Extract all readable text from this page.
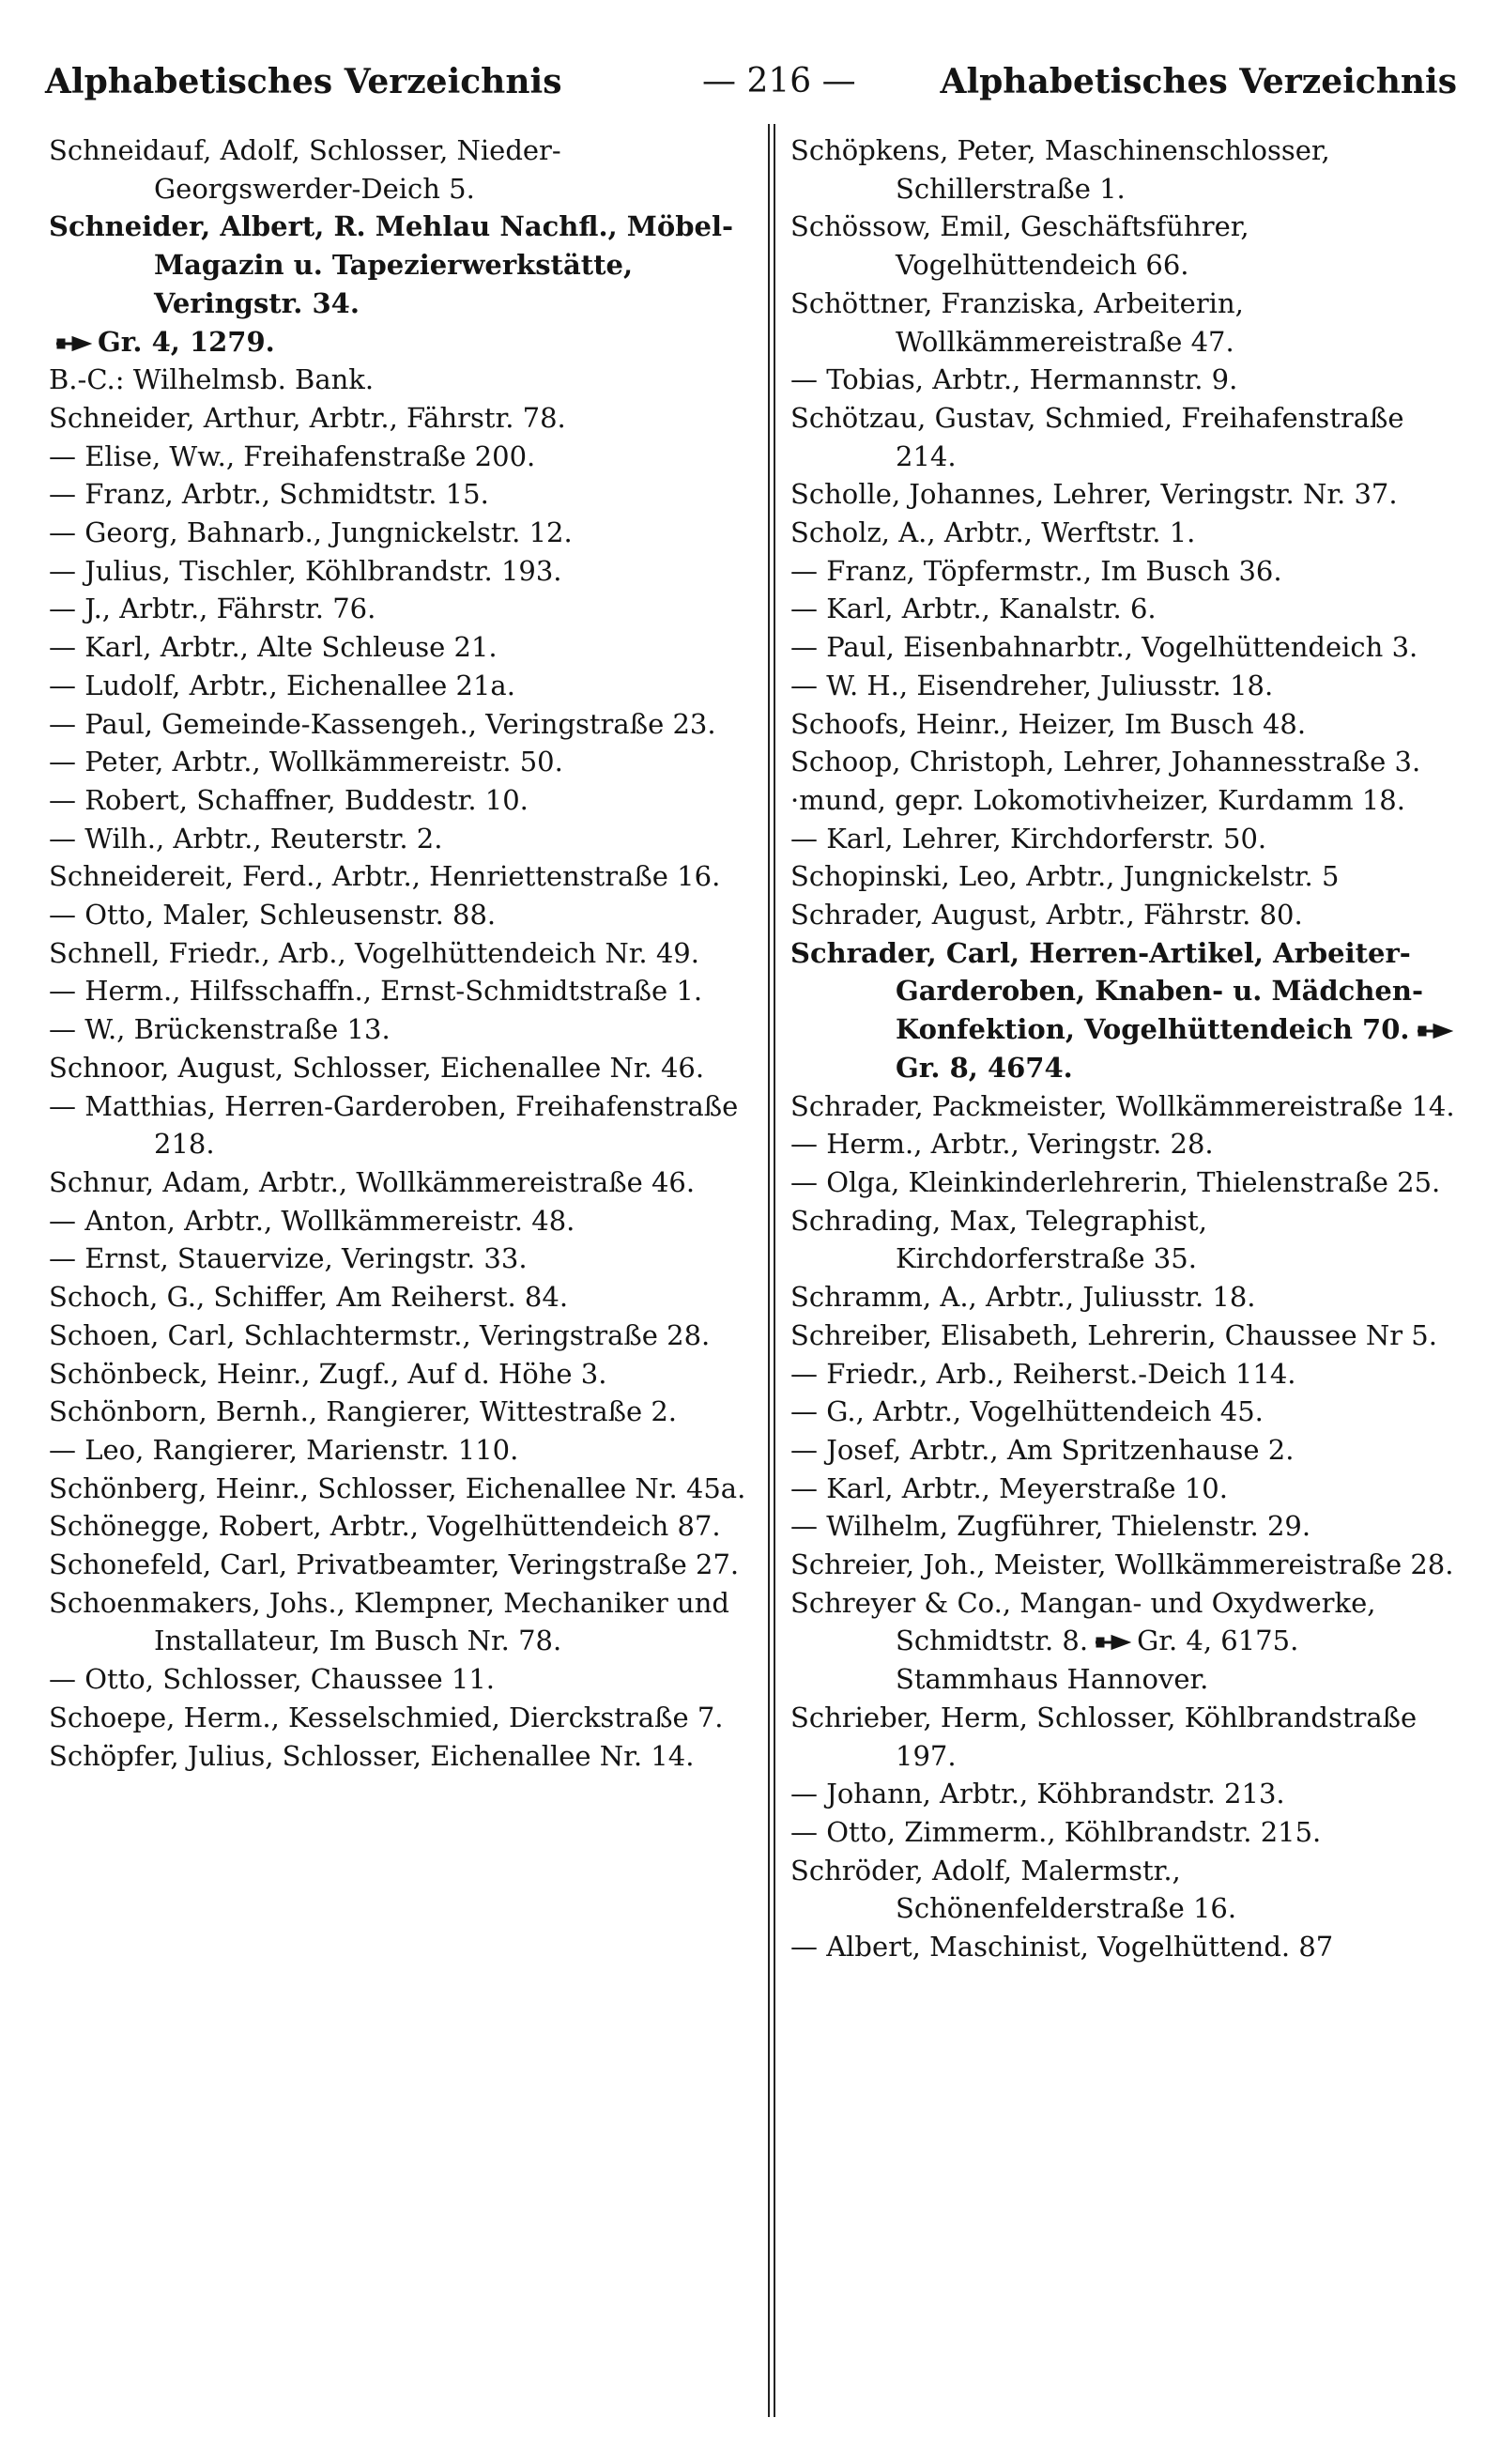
Alphabetisches Verzeichnis	— 216 — Alphabetisches Verzeichnis
Schneidauf, Adolf, Schlosser, Nieder-Georgswerder-Deich 5.
Schneider, Albert, R. Mehlau Nachfl., Möbel-Magazin u. Tapezierwerkstätte, Veringstr. 34.
Gr. 4, 1279.
B.-C.: Wilhelmsb. Bank.
Schneider, Arthur, Arbtr., Fährstr. 78.
— Elise, Ww., Freihafenstraße 200.
— Franz, Arbtr., Schmidtstr. 15.
— Georg, Bahnarb., Jungnickelstr. 12.
— Julius, Tischler, Köhlbrandstr. 193.
— J., Arbtr., Fährstr. 76.
— Karl, Arbtr., Alte Schleuse 21.
— Ludolf, Arbtr., Eichenallee 21a.
— Paul, Gemeinde-Kassengeh., Veringstraße 23.
— Peter, Arbtr., Wollkämmereistr. 50.
— Robert, Schaffner, Buddestr. 10.
— Wilh., Arbtr., Reuterstr. 2.
Schneidereit, Ferd., Arbtr., Henriettenstraße 16.
— Otto, Maler, Schleusenstr. 88.
Schnell, Friedr., Arb., Vogelhüttendeich Nr. 49.
— Herm., Hilfsschaffn., Ernst-Schmidtstraße 1.
— W., Brückenstraße 13.
Schnoor, August, Schlosser, Eichenallee Nr. 46.
— Matthias, Herren-Garderoben, Freihafenstraße 218.
Schnur, Adam, Arbtr., Wollkämmereistraße 46.
— Anton, Arbtr., Wollkämmereistr. 48.
— Ernst, Stauervize, Veringstr. 33.
Schoch, G., Schiffer, Am Reiherst. 84.
Schoen, Carl, Schlachtermstr., Veringstraße 28.
Schönbeck, Heinr., Zugf., Auf d. Höhe 3.
Schönborn, Bernh., Rangierer, Wittestraße 2.
— Leo, Rangierer, Marienstr. 110.
Schönberg, Heinr., Schlosser, Eichenallee Nr. 45a.
Schönegge, Robert, Arbtr., Vogelhüttendeich 87.
Schonefeld, Carl, Privatbeamter, Veringstraße 27.
Schoenmakers, Johs., Klempner, Mechaniker und Installateur, Im Busch Nr. 78.
— Otto, Schlosser, Chaussee 11.
Schoepe, Herm., Kesselschmied, Dierckstraße 7.
Schöpfer, Julius, Schlosser, Eichenallee Nr. 14.
Schöpkens, Peter, Maschinenschlosser, Schillerstraße 1.
Schössow, Emil, Geschäftsführer, Vogelhüttendeich 66.
Schöttner, Franziska, Arbeiterin, Wollkämmereistraße 47.
— Tobias, Arbtr., Hermannstr. 9.
Schötzau, Gustav, Schmied, Freihafenstraße 214.
Scholle, Johannes, Lehrer, Veringstr. Nr. 37.
Scholz, A., Arbtr., Werftstr. 1.
— Franz, Töpfermstr., Im Busch 36.
— Karl, Arbtr., Kanalstr. 6.
— Paul, Eisenbahnarbtr., Vogelhüttendeich 3.
— W. H., Eisendreher, Juliusstr. 18.
Schoofs, Heinr., Heizer, Im Busch 48.
Schoop, Christoph, Lehrer, Johannesstraße 3.
·mund, gepr. Lokomotivheizer, Kurdamm 18.
— Karl, Lehrer, Kirchdorferstr. 50.
Schopinski, Leo, Arbtr., Jungnickelstr. 5
Schrader, August, Arbtr., Fährstr. 80.
Schrader, Carl, Herren-Artikel, Arbeiter-Garderoben, Knaben- u. Mädchen-Konfektion, Vogelhüttendeich 70.Gr. 8, 4674.
Schrader, Packmeister, Wollkämmereistraße 14.
— Herm., Arbtr., Veringstr. 28.
— Olga, Kleinkinderlehrerin, Thielenstraße 25.
Schrading, Max, Telegraphist, Kirchdorferstraße 35.
Schramm, A., Arbtr., Juliusstr. 18.
Schreiber, Elisabeth, Lehrerin, Chaussee Nr 5.
— Friedr., Arb., Reiherst.-Deich 114.
— G., Arbtr., Vogelhüttendeich 45.
— Josef, Arbtr., Am Spritzenhause 2.
— Karl, Arbtr., Meyerstraße 10.
— Wilhelm, Zugführer, Thielenstr. 29.
Schreier, Joh., Meister, Wollkämmereistraße 28.
Schreyer & Co., Mangan- und Oxydwerke, Schmidtstr. 8. Gr. 4, 6175. Stammhaus Hannover.
Schrieber, Herm, Schlosser, Köhlbrandstraße 197.
— Johann, Arbtr., Köhbrandstr. 213.
— Otto, Zimmerm., Köhlbrandstr. 215.
Schröder, Adolf, Malermstr., Schönenfelderstraße 16.
— Albert, Maschinist, Vogelhüttend. 87
